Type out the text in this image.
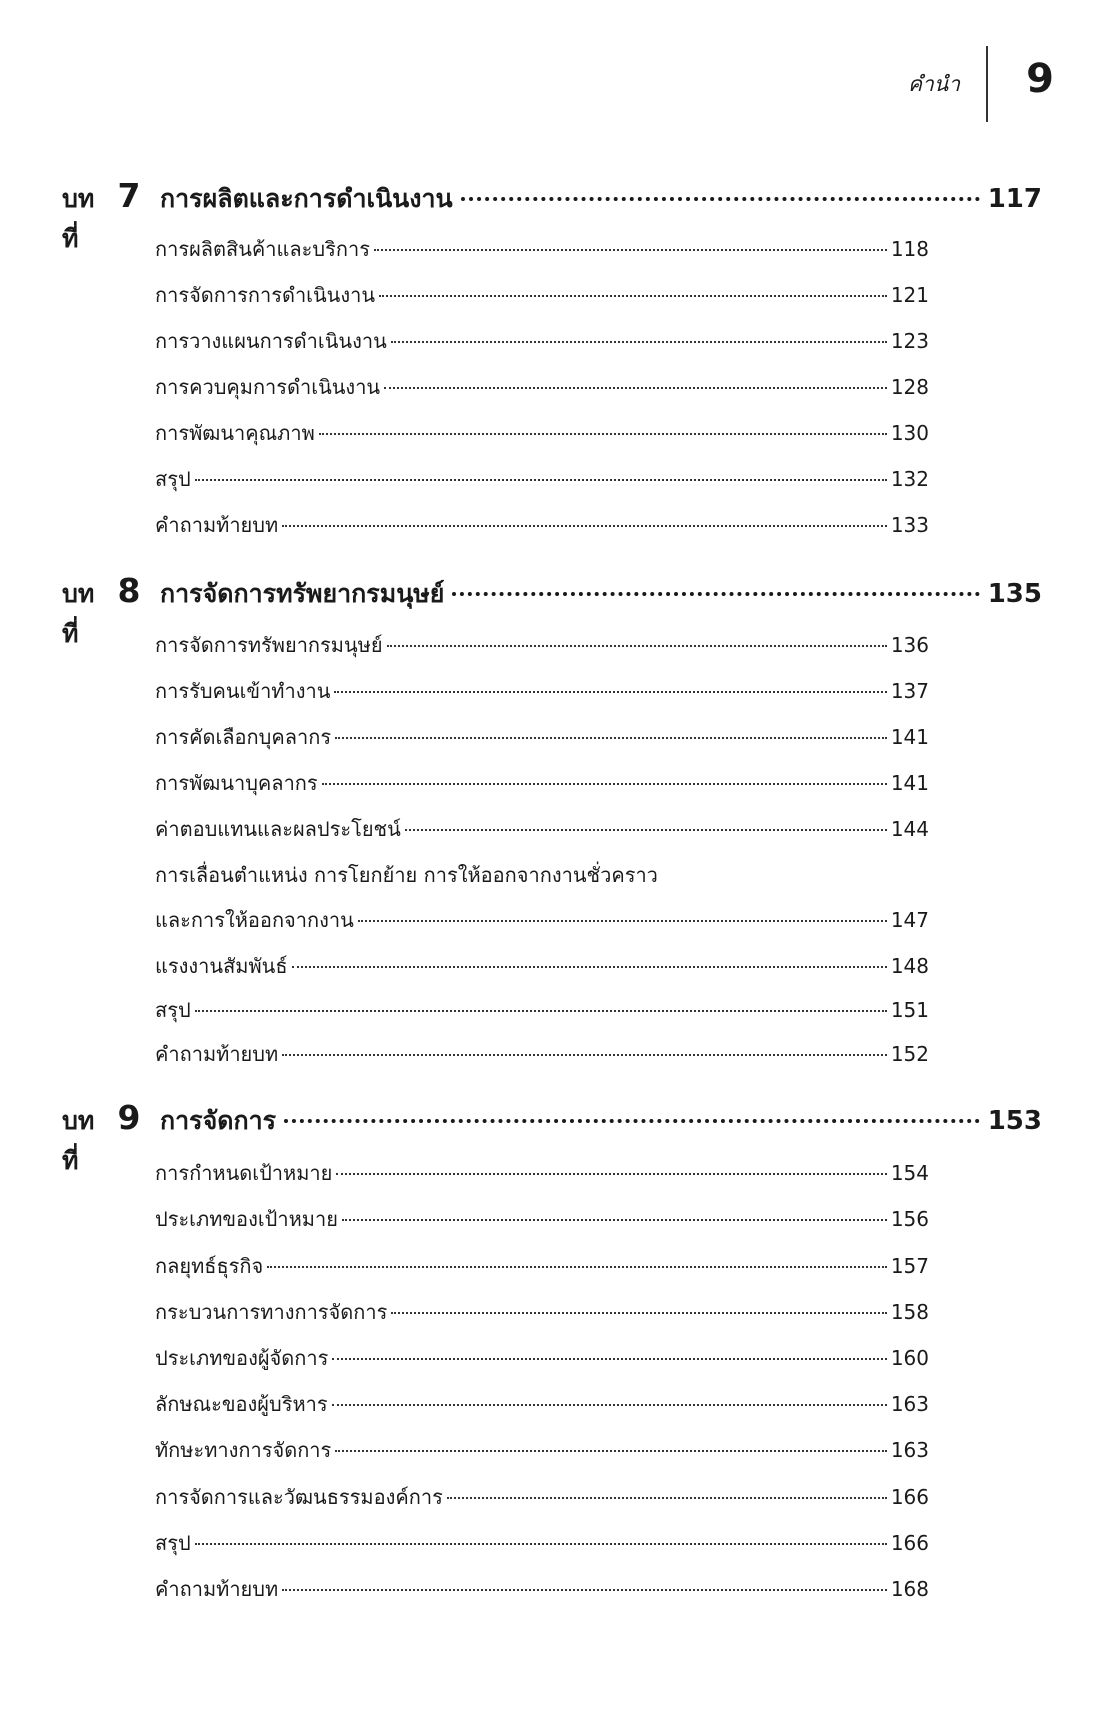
คำนำ	9
บทที่
7 การผลิตและการดำเนินงาน	117
การผลิตสินค้าและบริการ	118
การจัดการการดำเนินงาน	121
การวางแผนการดำเนินงาน	123
การควบคุมการดำเนินงาน	128
การพัฒนาคุณภาพ	130
สรุป	132
คำถามท้ายบท	133
บทที่
8 การจัดการทรัพยากรมนุษย์	135
การจัดการทรัพยากรมนุษย์	136
การรับคนเข้าทำงาน	137
การคัดเลือกบุคลากร	141
การพัฒนาบุคลากร	141
ค่าตอบแทนและผลประโยชน์	144
การเลื่อนตำแหน่ง การโยกย้าย การให้ออกจากงานชั่วคราว
และการให้ออกจากงาน	147
แรงงานสัมพันธ์	148
สรุป	151
คำถามท้ายบท	152
บทที่
9 การจัดการ	153
การกำหนดเป้าหมาย	154
ประเภทของเป้าหมาย	156
กลยุทธ์ธุรกิจ	157
กระบวนการทางการจัดการ	158
ประเภทของผู้จัดการ	160
ลักษณะของผู้บริหาร	163
ทักษะทางการจัดการ	163
การจัดการและวัฒนธรรมองค์การ	166
สรุป	166
คำถามท้ายบท	168
